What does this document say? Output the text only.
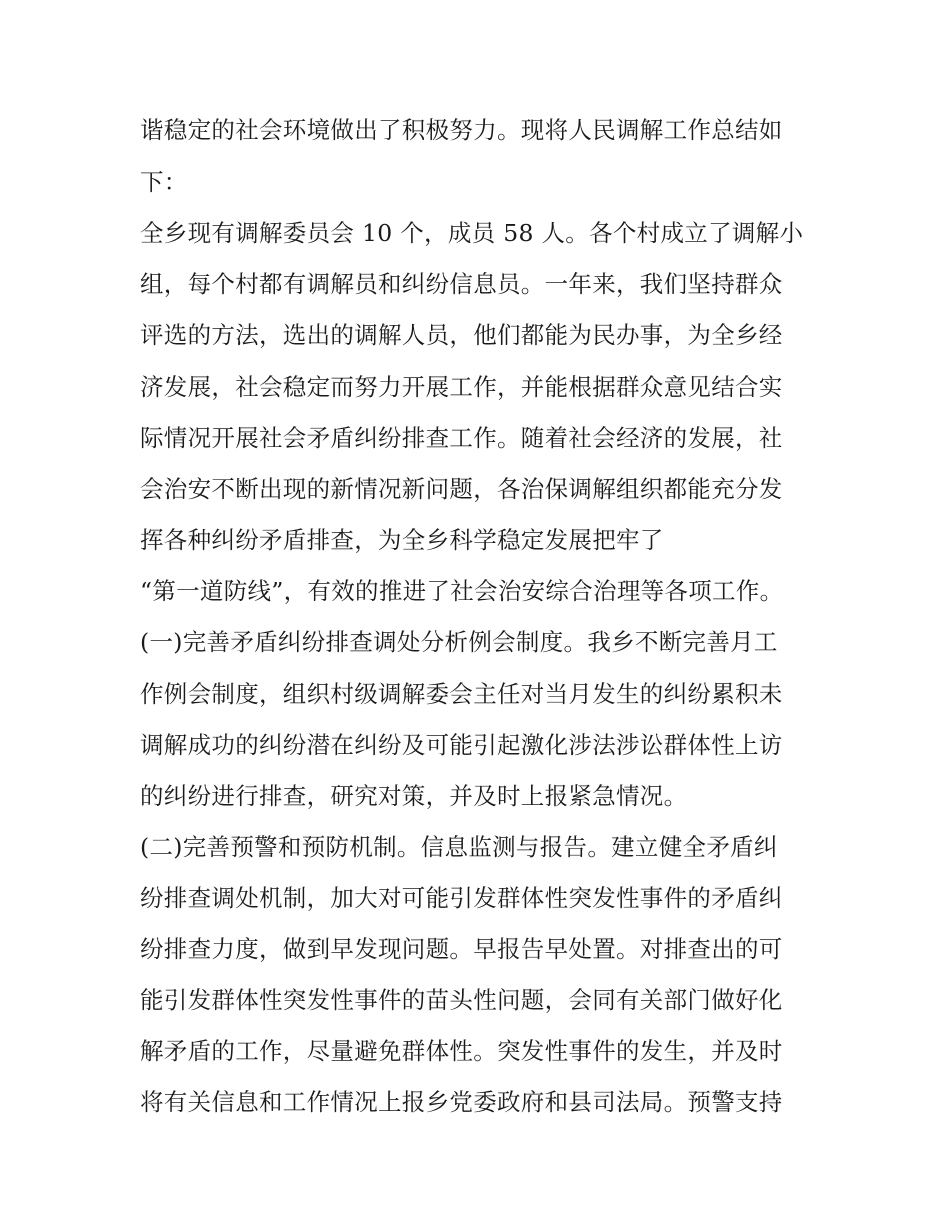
谐稳定的社会环境做出了积极努力。现将人民调解工作总结如
下：
全乡现有调解委员会 10 个，成员 58 人。各个村成立了调解小
组，每个村都有调解员和纠纷信息员。一年来，我们坚持群众
评选的方法，选出的调解人员，他们都能为民办事，为全乡经
济发展，社会稳定而努力开展工作，并能根据群众意见结合实
际情况开展社会矛盾纠纷排查工作。随着社会经济的发展，社
会治安不断出现的新情况新问题，各治保调解组织都能充分发
挥各种纠纷矛盾排查，为全乡科学稳定发展把牢了
“第一道防线”，有效的推进了社会治安综合治理等各项工作。
(一)完善矛盾纠纷排查调处分析例会制度。我乡不断完善月工
作例会制度，组织村级调解委会主任对当月发生的纠纷累积未
调解成功的纠纷潜在纠纷及可能引起激化涉法涉讼群体性上访
的纠纷进行排查，研究对策，并及时上报紧急情况。
(二)完善预警和预防机制。信息监测与报告。建立健全矛盾纠
纷排查调处机制，加大对可能引发群体性突发性事件的矛盾纠
纷排查力度，做到早发现问题。早报告早处置。对排查出的可
能引发群体性突发性事件的苗头性问题，会同有关部门做好化
解矛盾的工作，尽量避免群体性。突发性事件的发生，并及时
将有关信息和工作情况上报乡党委政府和县司法局。预警支持
